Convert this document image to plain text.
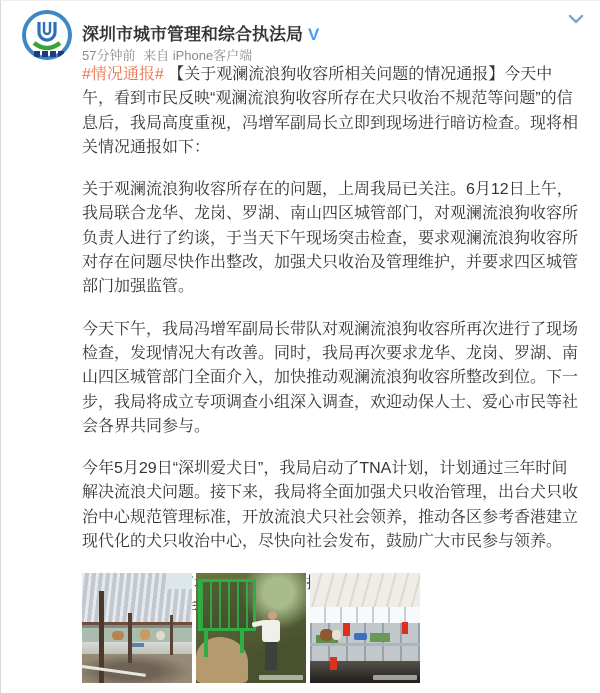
深圳市城市管理和综合执法局 V
57分钟前 来自 iPhone客户端

#情况通报# 【关于观澜流浪狗收容所相关问题的情况通报】今天中午，看到市民反映“观澜流浪狗收容所存在犬只收治不规范等问题”的信息后，我局高度重视，冯增军副局长立即到现场进行暗访检查。现将相关情况通报如下：

关于观澜流浪狗收容所存在的问题，上周我局已关注。6月12日上午，我局联合龙华、龙岗、罗湖、南山四区城管部门，对观澜流浪狗收容所负责人进行了约谈，于当天下午现场突击检查，要求观澜流浪狗收容所对存在问题尽快作出整改，加强犬只收治及管理维护，并要求四区城管部门加强监管。

今天下午，我局冯增军副局长带队对观澜流浪狗收容所再次进行了现场检查，发现情况大有改善。同时，我局再次要求龙华、龙岗、罗湖、南山四区城管部门全面介入，加快推动观澜流浪狗收容所整改到位。下一步，我局将成立专项调查小组深入调查，欢迎动保人士、爱心市民等社会各界共同参与。

今年5月29日“深圳爱犬日”，我局启动了TNA计划，计划通过三年时间解决流浪犬问题。接下来，我局将全面加强犬只收治管理，出台犬只收治中心规范管理标准，开放流浪犬只社会领养，推动各区参考香港建立现代化的犬只收治中心，尽快向社会发布，鼓励广大市民参与领养。
